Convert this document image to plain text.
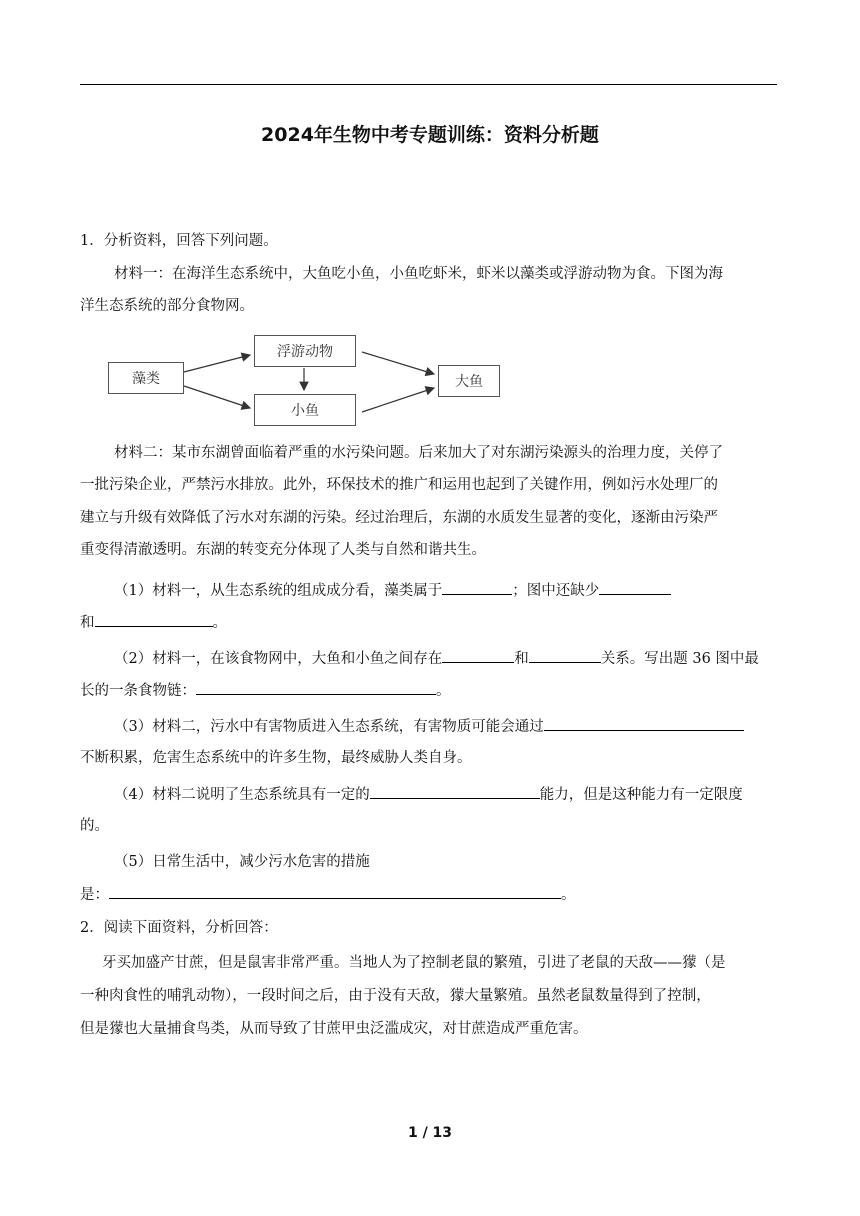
2024年生物中考专题训练：资料分析题
1．分析资料，回答下列问题。
材料一：在海洋生态系统中，大鱼吃小鱼，小鱼吃虾米，虾米以藻类或浮游动物为食。下图为海
洋生态系统的部分食物网。
藻类
浮游动物
小鱼
大鱼
材料二：某市东湖曾面临着严重的水污染问题。后来加大了对东湖污染源头的治理力度，关停了
一批污染企业，严禁污水排放。此外，环保技术的推广和运用也起到了关键作用，例如污水处理厂的
建立与升级有效降低了污水对东湖的污染。经过治理后，东湖的水质发生显著的变化，逐渐由污染严
重变得清澈透明。东湖的转变充分体现了人类与自然和谐共生。
（1）材料一，从生态系统的组成成分看，藻类属于	；图中还缺少
和	。
（2）材料一，在该食物网中，大鱼和小鱼之间存在	和	关系。写出题 36 图中最
长的一条食物链：	。
（3）材料二，污水中有害物质进入生态系统，有害物质可能会通过
不断积累，危害生态系统中的许多生物，最终威胁人类自身。
（4）材料二说明了生态系统具有一定的	能力，但是这种能力有一定限度
的。
（5）日常生活中，减少污水危害的措施
是：	。
2．阅读下面资料，分析回答：
牙买加盛产甘蔗，但是鼠害非常严重。当地人为了控制老鼠的繁殖，引进了老鼠的天敌——獴（是
一种肉食性的哺乳动物），一段时间之后，由于没有天敌，獴大量繁殖。虽然老鼠数量得到了控制，
但是獴也大量捕食鸟类，从而导致了甘蔗甲虫泛滥成灾，对甘蔗造成严重危害。
1 / 13
